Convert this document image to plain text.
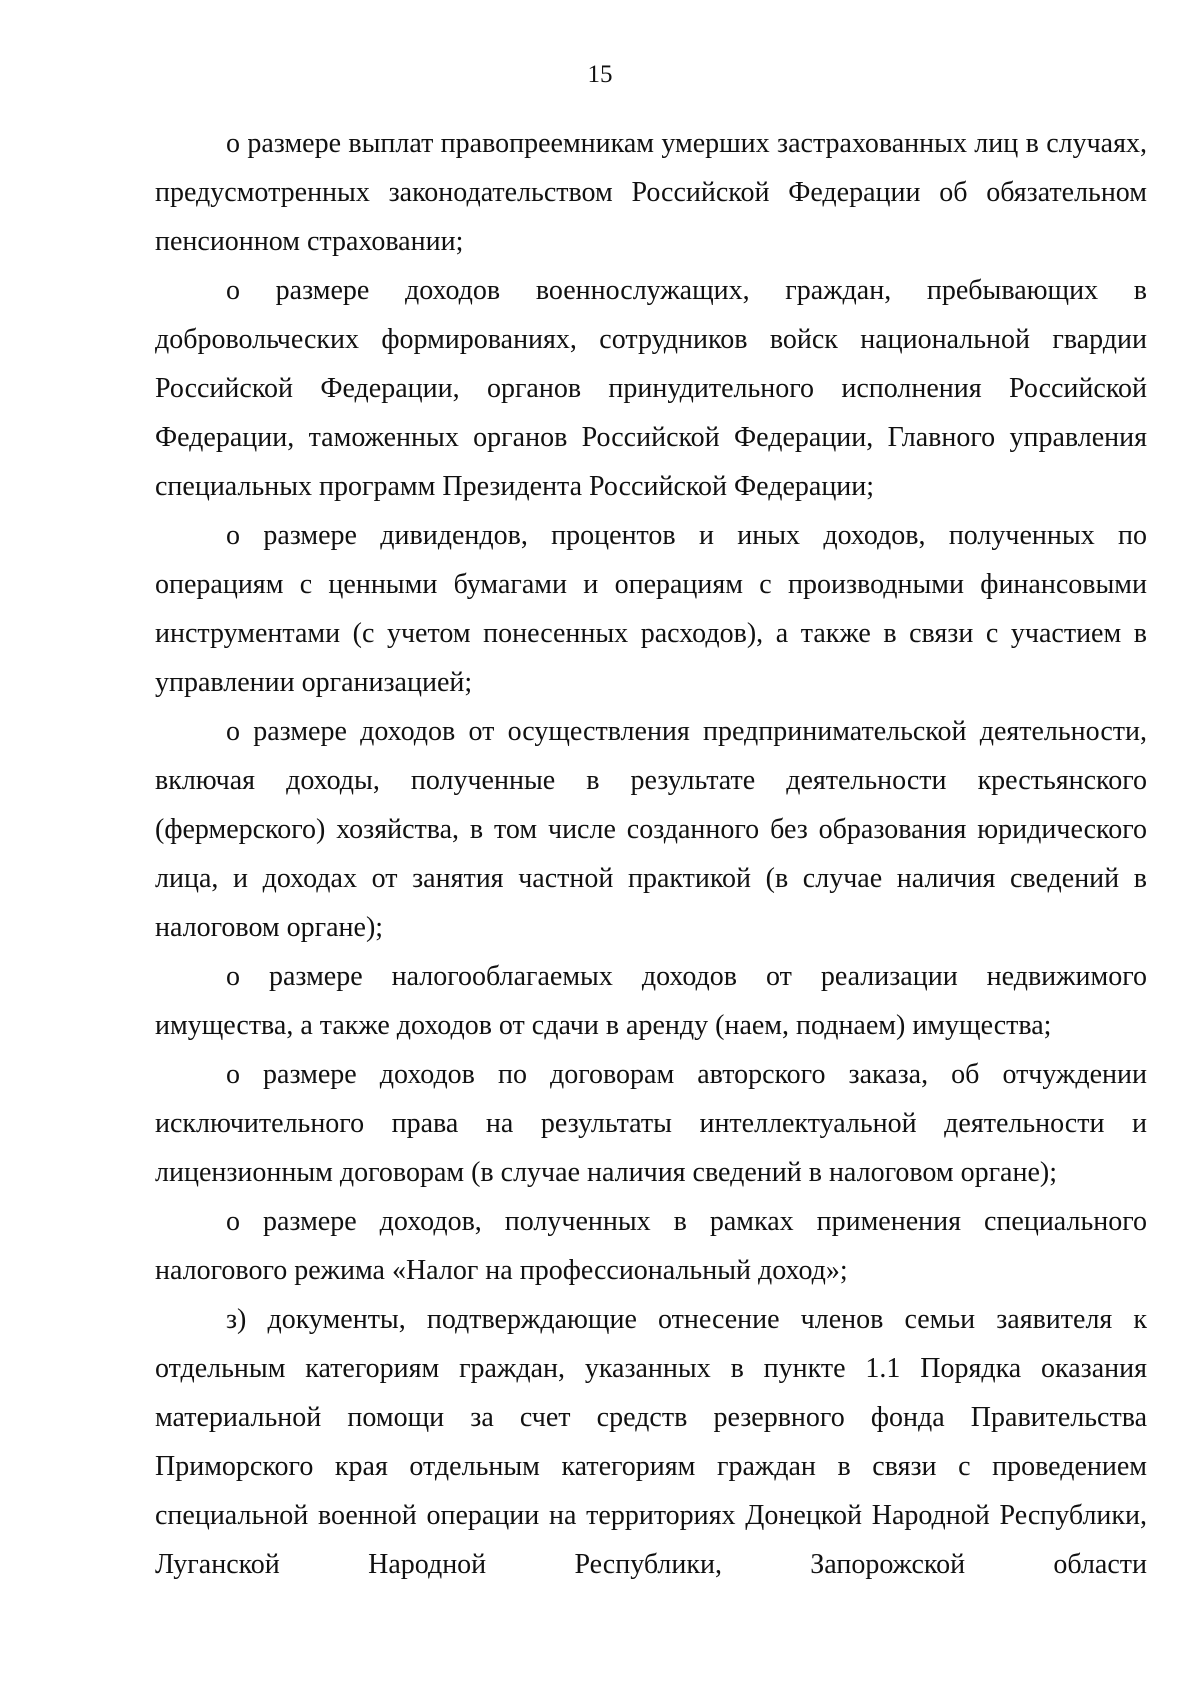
15

о размере выплат правопреемникам умерших застрахованных лиц в случаях, предусмотренных законодательством Российской Федерации об обязательном пенсионном страховании;

о размере доходов военнослужащих, граждан, пребывающих в добровольческих формированиях, сотрудников войск национальной гвардии Российской Федерации, органов принудительного исполнения Российской Федерации, таможенных органов Российской Федерации, Главного управления специальных программ Президента Российской Федерации;

о размере дивидендов, процентов и иных доходов, полученных по операциям с ценными бумагами и операциям с производными финансовыми инструментами (с учетом понесенных расходов), а также в связи с участием в управлении организацией;

о размере доходов от осуществления предпринимательской деятельности, включая доходы, полученные в результате деятельности крестьянского (фермерского) хозяйства, в том числе созданного без образования юридического лица, и доходах от занятия частной практикой (в случае наличия сведений в налоговом органе);

о размере налогооблагаемых доходов от реализации недвижимого имущества, а также доходов от сдачи в аренду (наем, поднаем) имущества;

о размере доходов по договорам авторского заказа, об отчуждении исключительного права на результаты интеллектуальной деятельности и лицензионным договорам (в случае наличия сведений в налоговом органе);

о размере доходов, полученных в рамках применения специального налогового режима «Налог на профессиональный доход»;

з) документы, подтверждающие отнесение членов семьи заявителя к отдельным категориям граждан, указанных в пункте 1.1 Порядка оказания материальной помощи за счет средств резервного фонда Правительства Приморского края отдельным категориям граждан в связи с проведением специальной военной операции на территориях Донецкой Народной Республики, Луганской Народной Республики, Запорожской области
